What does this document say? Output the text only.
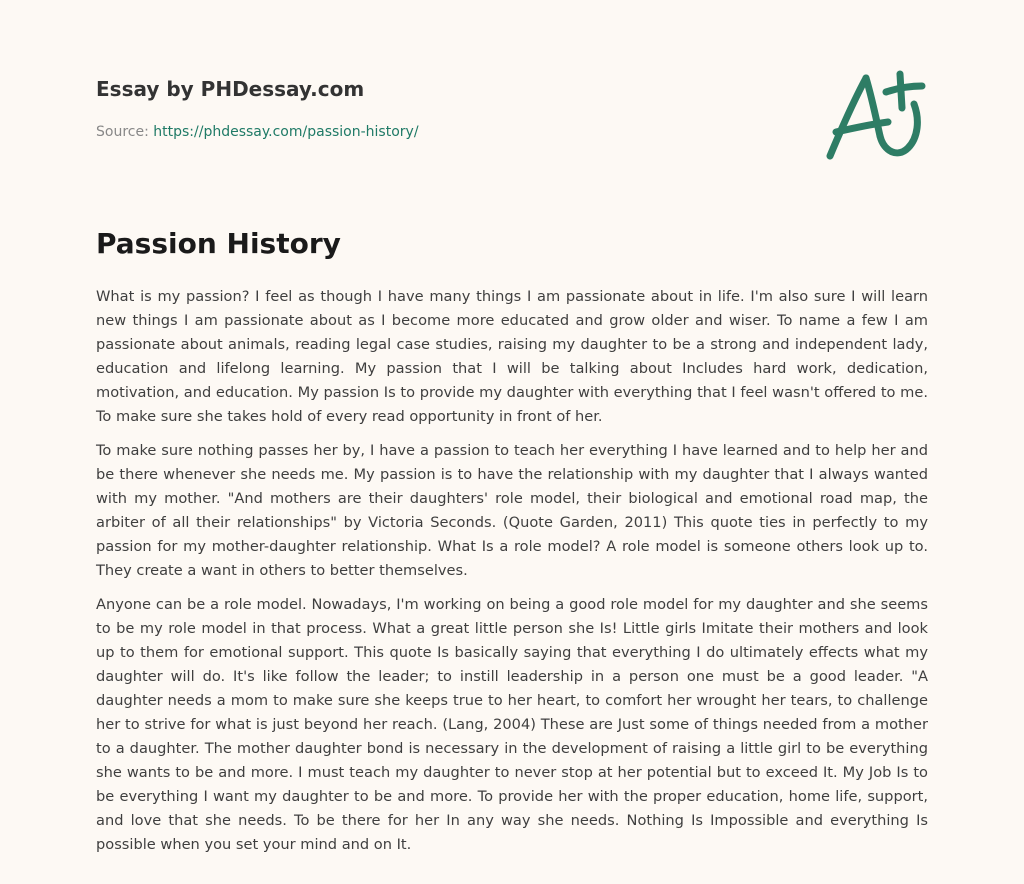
Essay by PHDessay.com
Source: https://phdessay.com/passion-history/
Passion History

What is my passion? I feel as though I have many things I am passionate about in life. I'm also sure I will learn new things I am passionate about as I become more educated and grow older and wiser. To name a few I am passionate about animals, reading legal case studies, raising my daughter to be a strong and independent lady, education and lifelong learning. My passion that I will be talking about Includes hard work, dedication, motivation, and education. My passion Is to provide my daughter with everything that I feel wasn't offered to me. To make sure she takes hold of every read opportunity in front of her.

To make sure nothing passes her by, I have a passion to teach her everything I have learned and to help her and be there whenever she needs me. My passion is to have the relationship with my daughter that I always wanted with my mother. "And mothers are their daughters' role model, their biological and emotional road map, the arbiter of all their relationships" by Victoria Seconds. (Quote Garden, 2011) This quote ties in perfectly to my passion for my mother-daughter relationship. What Is a role model? A role model is someone others look up to. They create a want in others to better themselves.

Anyone can be a role model. Nowadays, I'm working on being a good role model for my daughter and she seems to be my role model in that process. What a great little person she Is! Little girls Imitate their mothers and look up to them for emotional support. This quote Is basically saying that everything I do ultimately effects what my daughter will do. It's like follow the leader; to instill leadership in a person one must be a good leader. "A daughter needs a mom to make sure she keeps true to her heart, to comfort her wrought her tears, to challenge her to strive for what is just beyond her reach. (Lang, 2004) These are Just some of things needed from a mother to a daughter. The mother daughter bond is necessary in the development of raising a little girl to be everything she wants to be and more. I must teach my daughter to never stop at her potential but to exceed It. My Job Is to be everything I want my daughter to be and more. To provide her with the proper education, home life, support, and love that she needs. To be there for her In any way she needs. Nothing Is Impossible and everything Is possible when you set your mind and on It.
